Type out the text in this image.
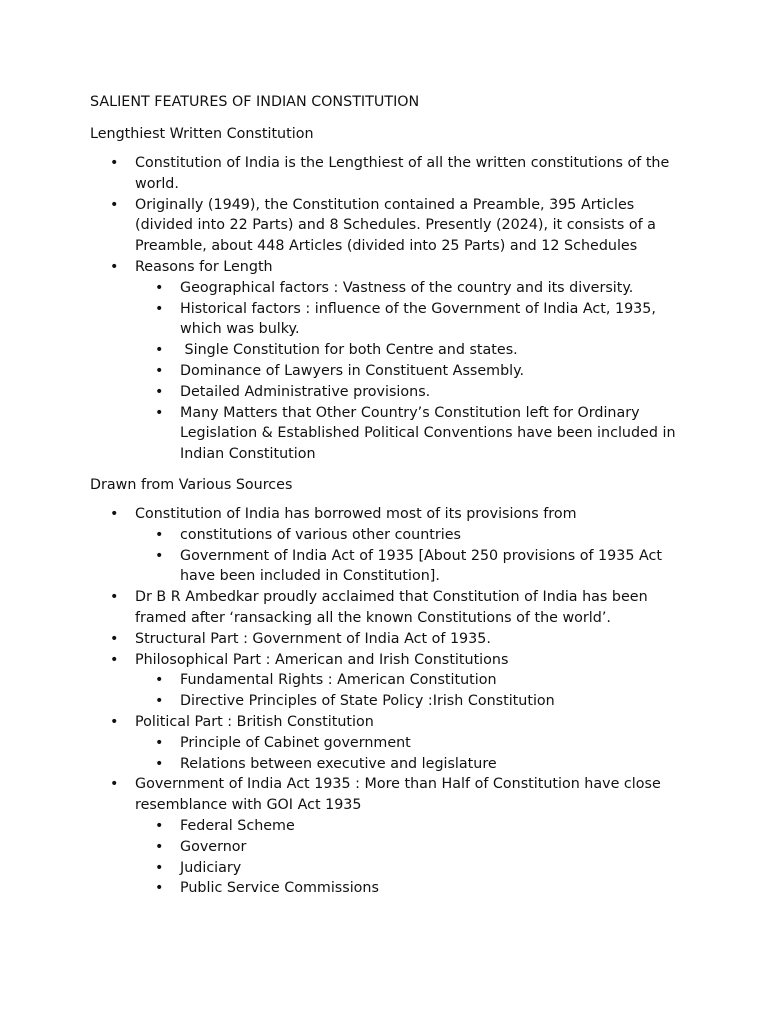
SALIENT FEATURES OF INDIAN CONSTITUTION
Lengthiest Written Constitution
• Constitution of India is the Lengthiest of all the written constitutions of the world.
• Originally (1949), the Constitution contained a Preamble, 395 Articles (divided into 22 Parts) and 8 Schedules. Presently (2024), it consists of a Preamble, about 448 Articles (divided into 25 Parts) and 12 Schedules
• Reasons for Length
• Geographical factors : Vastness of the country and its diversity.
• Historical factors : influence of the Government of India Act, 1935, which was bulky.
•  Single Constitution for both Centre and states.
• Dominance of Lawyers in Constituent Assembly.
• Detailed Administrative provisions.
• Many Matters that Other Country’s Constitution left for Ordinary Legislation & Established Political Conventions have been included in Indian Constitution
Drawn from Various Sources
• Constitution of India has borrowed most of its provisions from
• constitutions of various other countries
• Government of India Act of 1935 [About 250 provisions of 1935 Act have been included in Constitution].
• Dr B R Ambedkar proudly acclaimed that Constitution of India has been framed after ‘ransacking all the known Constitutions of the world’.
• Structural Part : Government of India Act of 1935.
• Philosophical Part : American and Irish Constitutions
• Fundamental Rights : American Constitution
• Directive Principles of State Policy :Irish Constitution
• Political Part : British Constitution
• Principle of Cabinet government
• Relations between executive and legislature
• Government of India Act 1935 : More than Half of Constitution have close resemblance with GOI Act 1935
• Federal Scheme
• Governor
• Judiciary
• Public Service Commissions
